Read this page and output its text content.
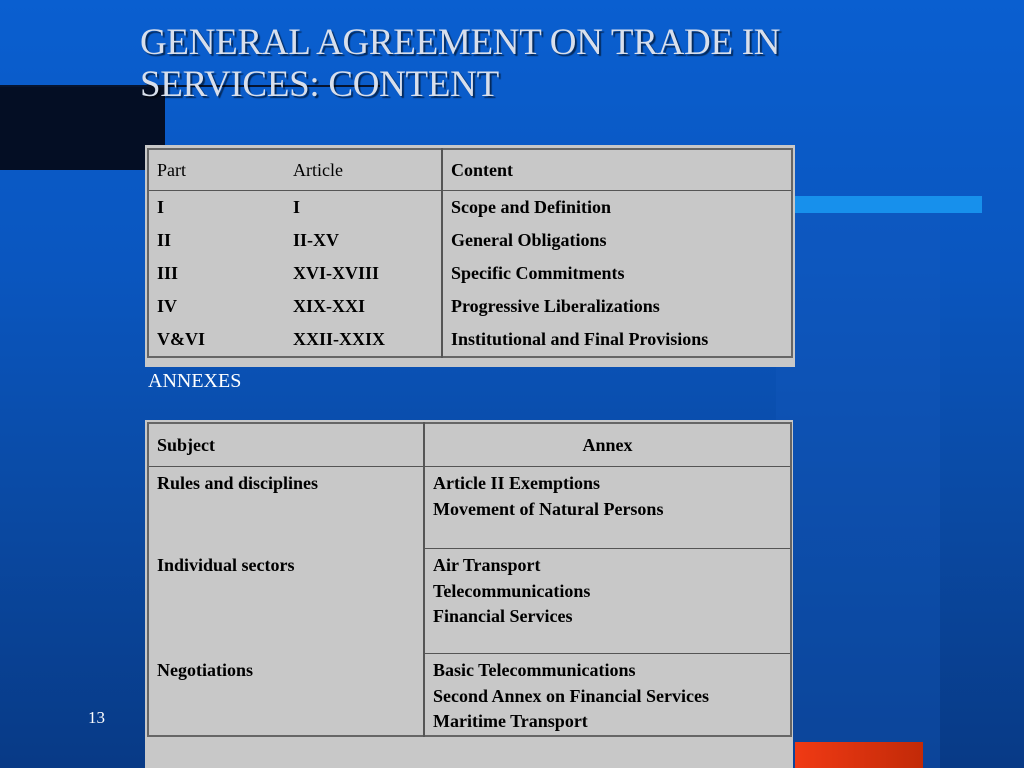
GENERAL AGREEMENT ON TRADE IN
SERVICES: CONTENT
Part	Article	Content
I	I	Scope and Definition
II	II-XV	General Obligations
III	XVI-XVIII	Specific Commitments
IV	XIX-XXI	Progressive Liberalizations
V&VI	XXII-XXIX	Institutional and Final Provisions
ANNEXES
Subject	Annex
Rules and disciplines	Article II Exemptions
Movement of Natural Persons

Individual sectors	Air Transport
Telecommunications
Financial Services

Negotiations	Basic Telecommunications
Second Annex on Financial Services
Maritime Transport
13
